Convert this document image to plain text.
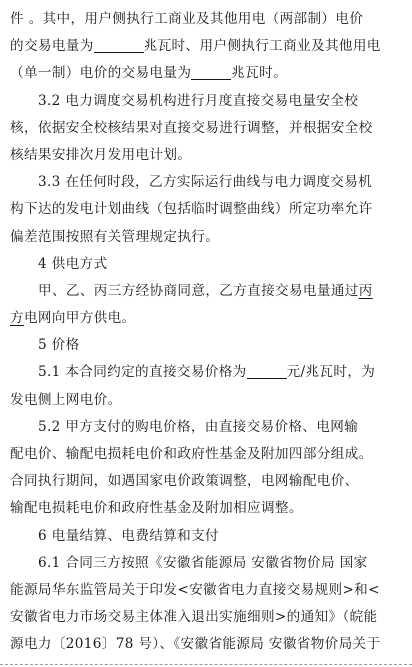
件 。其中，用户侧执行工商业及其他用电（两部制）电价
的交易电量为	兆瓦时、用户侧执行工商业及其他用电
（单一制）电价的交易电量为	兆瓦时。
3.2 电力调度交易机构进行月度直接交易电量安全校
核，依据安全校核结果对直接交易进行调整，并根据安全校
核结果安排次月发用电计划。
3.3 在任何时段，乙方实际运行曲线与电力调度交易机
构下达的发电计划曲线（包括临时调整曲线）所定功率允许
偏差范围按照有关管理规定执行。
4 供电方式
甲、乙、丙三方经协商同意，乙方直接交易电量通过丙
方电网向甲方供电。
5 价格
5.1 本合同约定的直接交易价格为	元/兆瓦时，为
发电侧上网电价。
5.2 甲方支付的购电价格，由直接交易价格、电网输
配电价、输配电损耗电价和政府性基金及附加四部分组成。
合同执行期间，如遇国家电价政策调整，电网输配电价、
输配电损耗电价和政府性基金及附加相应调整。
6 电量结算、电费结算和支付
6.1 合同三方按照《安徽省能源局 安徽省物价局 国家
能源局华东监管局关于印发<安徽省电力直接交易规则>和<
安徽省电力市场交易主体准入退出实施细则>的通知》（皖能
源电力〔2016〕78 号）、《安徽省能源局 安徽省物价局关于
